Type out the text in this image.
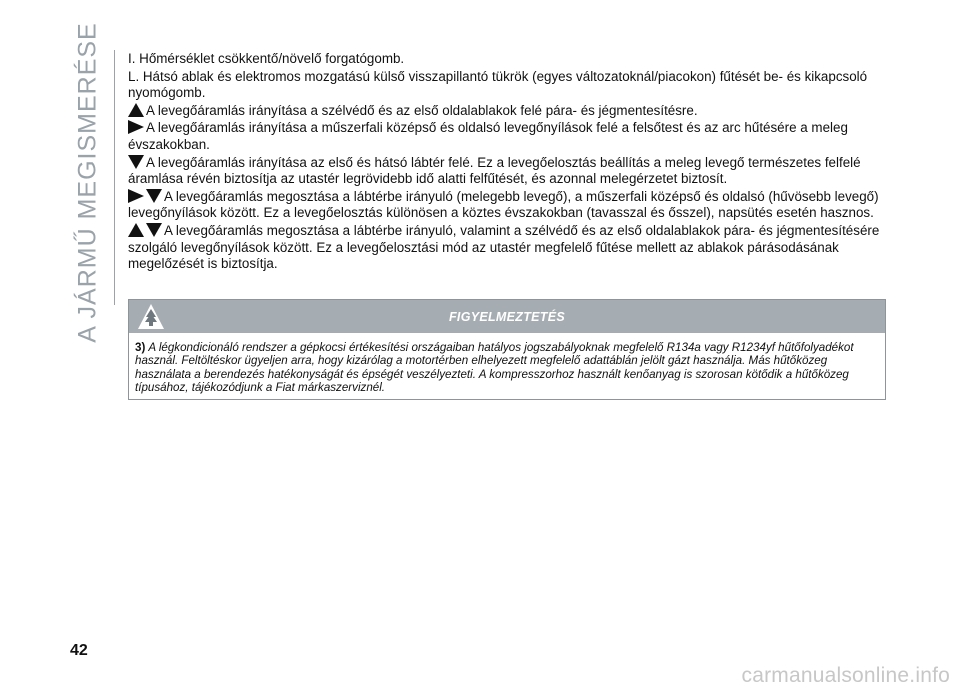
A JÁRMŰ MEGISMERÉSE I. Hőmérséklet csökkentő/növelő forgatógomb.

L. Hátsó ablak és elektromos mozgatású külső visszapillantó tükrök (egyes változatoknál/piacokon) fűtését be- és kikapcsoló nyomógomb.

A levegőáramlás irányítása a szélvédő és az első oldalablakok felé pára- és jégmentesítésre.

A levegőáramlás irányítása a műszerfali középső és oldalsó levegőnyílások felé a felsőtest és az arc hűtésére a meleg évszakokban.

A levegőáramlás irányítása az első és hátsó lábtér felé. Ez a levegőelosztás beállítás a meleg levegő természetes felfelé áramlása révén biztosítja az utastér legrövidebb idő alatti felfűtését, és azonnal melegérzetet biztosít.

A levegőáramlás megosztása a lábtérbe irányuló (melegebb levegő), a műszerfali középső és oldalsó (hűvösebb levegő) levegőnyílások között. Ez a levegőelosztás különösen a köztes évszakokban (tavasszal és ősszel), napsütés esetén hasznos.

A levegőáramlás megosztása a lábtérbe irányuló, valamint a szélvédő és az első oldalablakok pára- és jégmentesítésére szolgáló levegőnyílások között. Ez a levegőelosztási mód az utastér megfelelő fűtése mellett az ablakok párásodásának megelőzését is biztosítja.

FIGYELMEZTETÉS
3) A légkondicionáló rendszer a gépkocsi értékesítési országaiban hatályos jogszabályoknak megfelelő R134a vagy R1234yf hűtőfolyadékot használ. Feltöltéskor ügyeljen arra, hogy kizárólag a motortérben elhelyezett megfelelő adattáblán jelölt gázt használja. Más hűtőközeg használata a berendezés hatékonyságát és épségét veszélyezteti. A kompresszorhoz használt kenőanyag is szorosan kötődik a hűtőközeg típusához, tájékozódjunk a Fiat márkaszerviznél.
42
carmanualsonline.info
